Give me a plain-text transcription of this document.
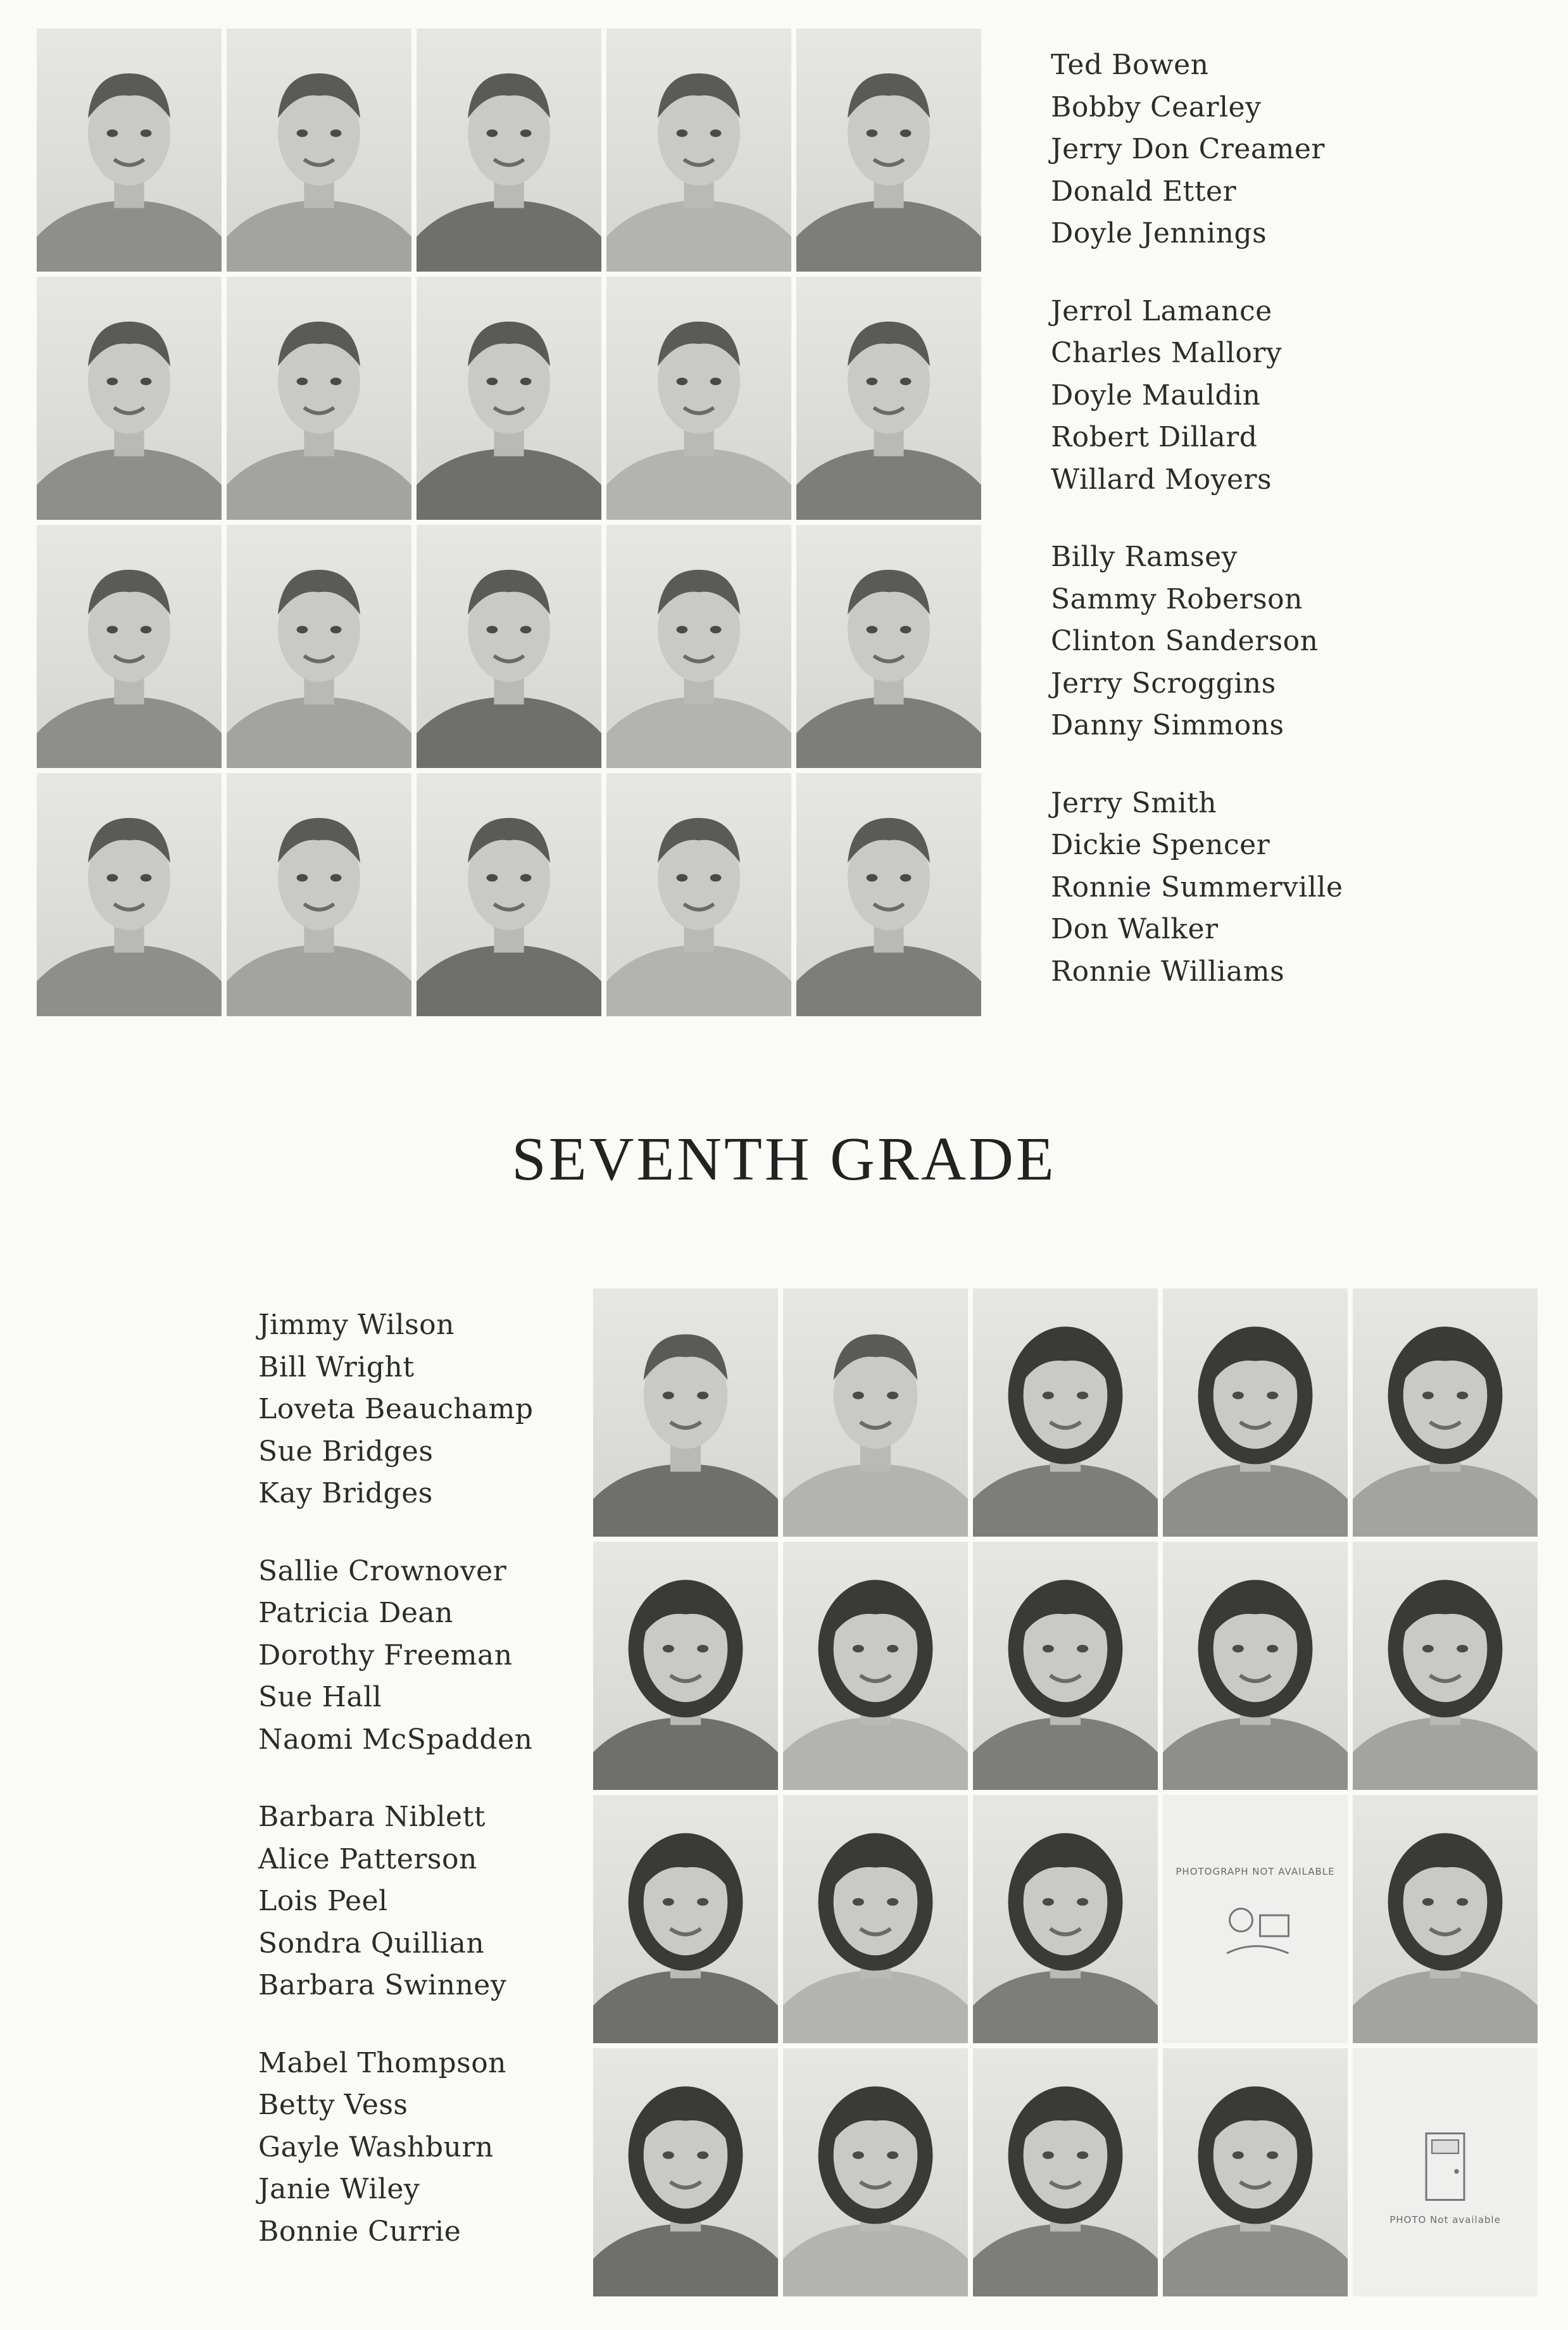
Ted Bowen
Bobby Cearley
Jerry Don Creamer
Donald Etter
Doyle Jennings
Jerrol Lamance
Charles Mallory
Doyle Mauldin
Robert Dillard
Willard Moyers
Billy Ramsey
Sammy Roberson
Clinton Sanderson
Jerry Scroggins
Danny Simmons
Jerry Smith
Dickie Spencer
Ronnie Summerville
Don Walker
Ronnie Williams
SEVENTH GRADE
Jimmy Wilson
Bill Wright
Loveta Beauchamp
Sue Bridges
Kay Bridges
Sallie Crownover
Patricia Dean
Dorothy Freeman
Sue Hall
Naomi McSpadden
Barbara Niblett
Alice Patterson
Lois Peel
Sondra Quillian
Barbara Swinney
Mabel Thompson
Betty Vess
Gayle Washburn
Janie Wiley
Bonnie Currie
PHOTOGRAPH NOT AVAILABLE
PHOTO Not available
